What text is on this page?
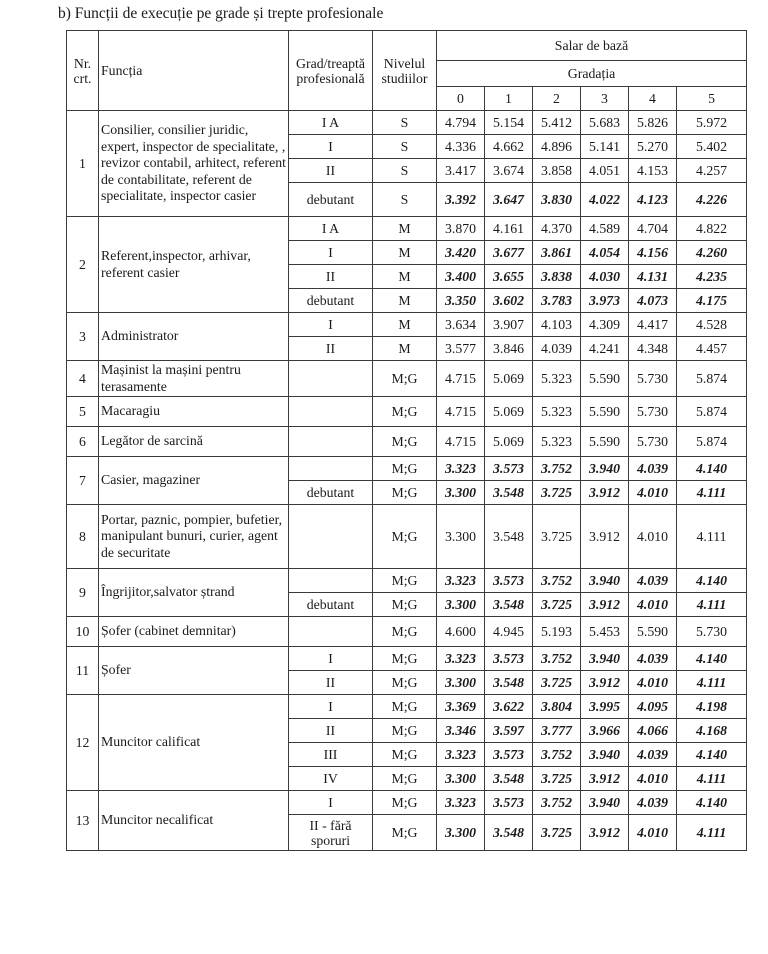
b) Funcții de execuție pe grade și trepte profesionale
Nr.
crt.	Funcția	Grad/treaptă profesională	Nivelul studiilor	Salar de bază					
				Gradația					
				0	1	2	3	4	5
1	Consilier, consilier juridic, expert, inspector de specialitate, , revizor contabil, arhitect, referent de contabilitate, referent de specialitate, inspector casier	I A	S	4.794	5.154	5.412	5.683	5.826	5.972
		I	S	4.336	4.662	4.896	5.141	5.270	5.402
		II	S	3.417	3.674	3.858	4.051	4.153	4.257
		debutant	S	3.392	3.647	3.830	4.022	4.123	4.226
2	Referent,inspector, arhivar, referent casier	I A	M	3.870	4.161	4.370	4.589	4.704	4.822
		I	M	3.420	3.677	3.861	4.054	4.156	4.260
		II	M	3.400	3.655	3.838	4.030	4.131	4.235
		debutant	M	3.350	3.602	3.783	3.973	4.073	4.175
3	Administrator	I	M	3.634	3.907	4.103	4.309	4.417	4.528
		II	M	3.577	3.846	4.039	4.241	4.348	4.457
4	Mașinist la mașini pentru terasamente		M;G	4.715	5.069	5.323	5.590	5.730	5.874
5	Macaragiu		M;G	4.715	5.069	5.323	5.590	5.730	5.874
6	Legător de sarcină		M;G	4.715	5.069	5.323	5.590	5.730	5.874
7	Casier, magaziner		M;G	3.323	3.573	3.752	3.940	4.039	4.140
		debutant	M;G	3.300	3.548	3.725	3.912	4.010	4.111
8	Portar, paznic, pompier, bufetier, manipulant bunuri, curier, agent de securitate		M;G	3.300	3.548	3.725	3.912	4.010	4.111
9	Îngrijitor,salvator ștrand		M;G	3.323	3.573	3.752	3.940	4.039	4.140
		debutant	M;G	3.300	3.548	3.725	3.912	4.010	4.111
10	Șofer (cabinet demnitar)		M;G	4.600	4.945	5.193	5.453	5.590	5.730
11	Șofer	I	M;G	3.323	3.573	3.752	3.940	4.039	4.140
		II	M;G	3.300	3.548	3.725	3.912	4.010	4.111
12	Muncitor calificat	I	M;G	3.369	3.622	3.804	3.995	4.095	4.198
		II	M;G	3.346	3.597	3.777	3.966	4.066	4.168
		III	M;G	3.323	3.573	3.752	3.940	4.039	4.140
		IV	M;G	3.300	3.548	3.725	3.912	4.010	4.111
13	Muncitor necalificat	I	M;G	3.323	3.573	3.752	3.940	4.039	4.140
		II - fără sporuri	M;G	3.300	3.548	3.725	3.912	4.010	4.111
